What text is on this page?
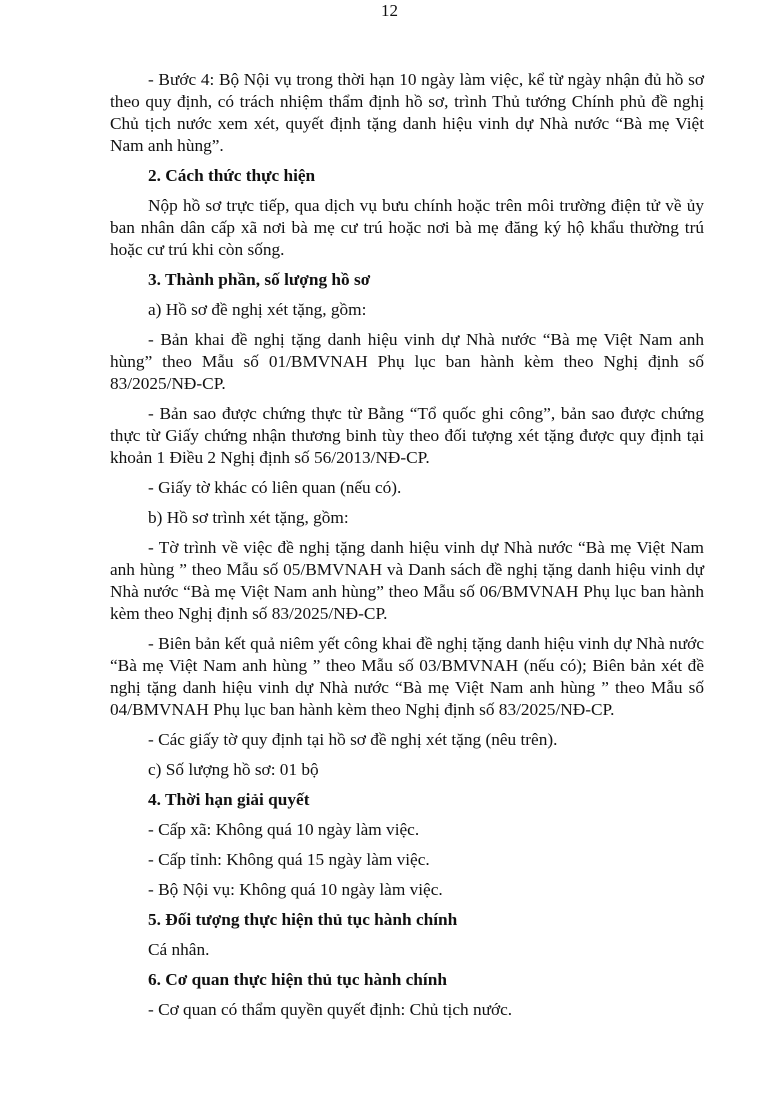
12

- Bước 4: Bộ Nội vụ trong thời hạn 10 ngày làm việc, kể từ ngày nhận đủ hồ sơ theo quy định, có trách nhiệm thẩm định hồ sơ, trình Thủ tướng Chính phủ đề nghị Chủ tịch nước xem xét, quyết định tặng danh hiệu vinh dự Nhà nước “Bà mẹ Việt Nam anh hùng”.

2. Cách thức thực hiện

Nộp hồ sơ trực tiếp, qua dịch vụ bưu chính hoặc trên môi trường điện tử về ủy ban nhân dân cấp xã nơi bà mẹ cư trú hoặc nơi bà mẹ đăng ký hộ khẩu thường trú hoặc cư trú khi còn sống.

3. Thành phần, số lượng hồ sơ

a) Hồ sơ đề nghị xét tặng, gồm:

- Bản khai đề nghị tặng danh hiệu vinh dự Nhà nước “Bà mẹ Việt Nam anh hùng” theo Mẫu số 01/BMVNAH Phụ lục ban hành kèm theo Nghị định số 83/2025/NĐ-CP.

- Bản sao được chứng thực từ Bằng “Tổ quốc ghi công”, bản sao được chứng thực từ Giấy chứng nhận thương binh tùy theo đối tượng xét tặng được quy định tại khoản 1 Điều 2 Nghị định số 56/2013/NĐ-CP.

- Giấy tờ khác có liên quan (nếu có).

b) Hồ sơ trình xét tặng, gồm:

- Tờ trình về việc đề nghị tặng danh hiệu vinh dự Nhà nước “Bà mẹ Việt Nam anh hùng ” theo Mẫu số 05/BMVNAH và Danh sách đề nghị tặng danh hiệu vinh dự Nhà nước “Bà mẹ Việt Nam anh hùng” theo Mẫu số 06/BMVNAH Phụ lục ban hành kèm theo Nghị định số 83/2025/NĐ-CP.

- Biên bản kết quả niêm yết công khai đề nghị tặng danh hiệu vinh dự Nhà nước “Bà mẹ Việt Nam anh hùng ” theo Mẫu số 03/BMVNAH (nếu có); Biên bản xét đề nghị tặng danh hiệu vinh dự Nhà nước “Bà mẹ Việt Nam anh hùng ” theo Mẫu số 04/BMVNAH Phụ lục ban hành kèm theo Nghị định số 83/2025/NĐ-CP.

- Các giấy tờ quy định tại hồ sơ đề nghị xét tặng (nêu trên).

c) Số lượng hồ sơ: 01 bộ

4. Thời hạn giải quyết

- Cấp xã: Không quá 10 ngày làm việc.

- Cấp tỉnh: Không quá 15 ngày làm việc.

- Bộ Nội vụ: Không quá 10 ngày làm việc.

5. Đối tượng thực hiện thủ tục hành chính

Cá nhân.

6. Cơ quan thực hiện thủ tục hành chính

- Cơ quan có thẩm quyền quyết định: Chủ tịch nước.
